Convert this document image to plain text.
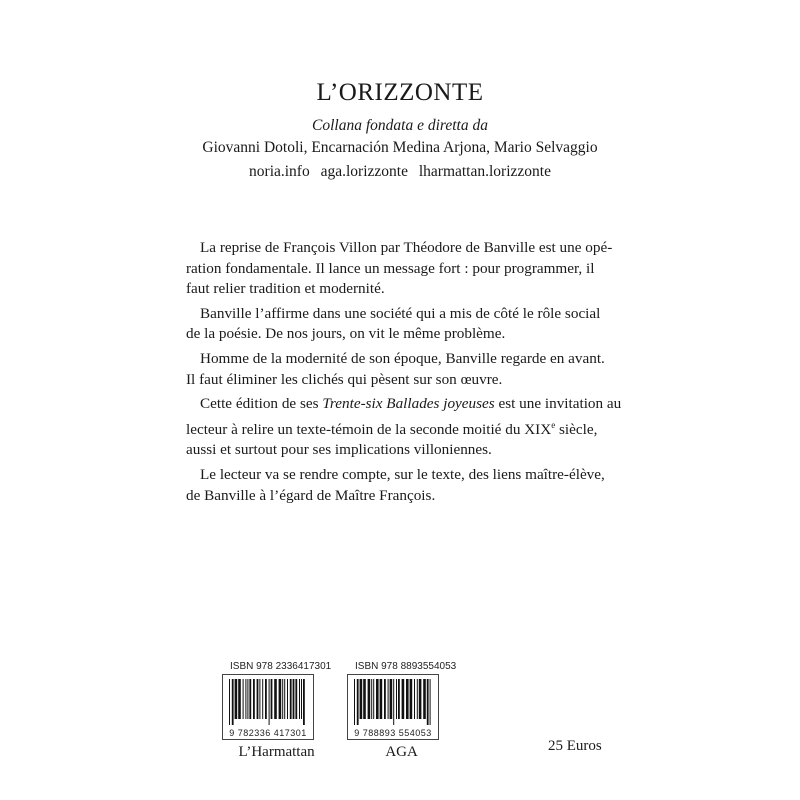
L’ORIZZONTE
Collana fondata e diretta da
Giovanni Dotoli, Encarnación Medina Arjona, Mario Selvaggio
noria.info aga.lorizzonte lharmattan.lorizzonte
La reprise de François Villon par Théodore de Banville est une opé-
ration fondamentale. Il lance un message fort : pour programmer, il
faut relier tradition et modernité.
Banville l’affirme dans une société qui a mis de côté le rôle social
de la poésie. De nos jours, on vit le même problème.
Homme de la modernité de son époque, Banville regarde en avant.
Il faut éliminer les clichés qui pèsent sur son œuvre.
Cette édition de ses Trente-six Ballades joyeuses est une invitation au
lecteur à relire un texte-témoin de la seconde moitié du XIXe siècle,
aussi et surtout pour ses implications villoniennes.
Le lecteur va se rendre compte, sur le texte, des liens maître-élève,
de Banville à l’égard de Maître François.
ISBN 978 2336417301
9 782336 417301
L’Harmattan
ISBN 978 8893554053
9 788893 554053
AGA	25 Euros
